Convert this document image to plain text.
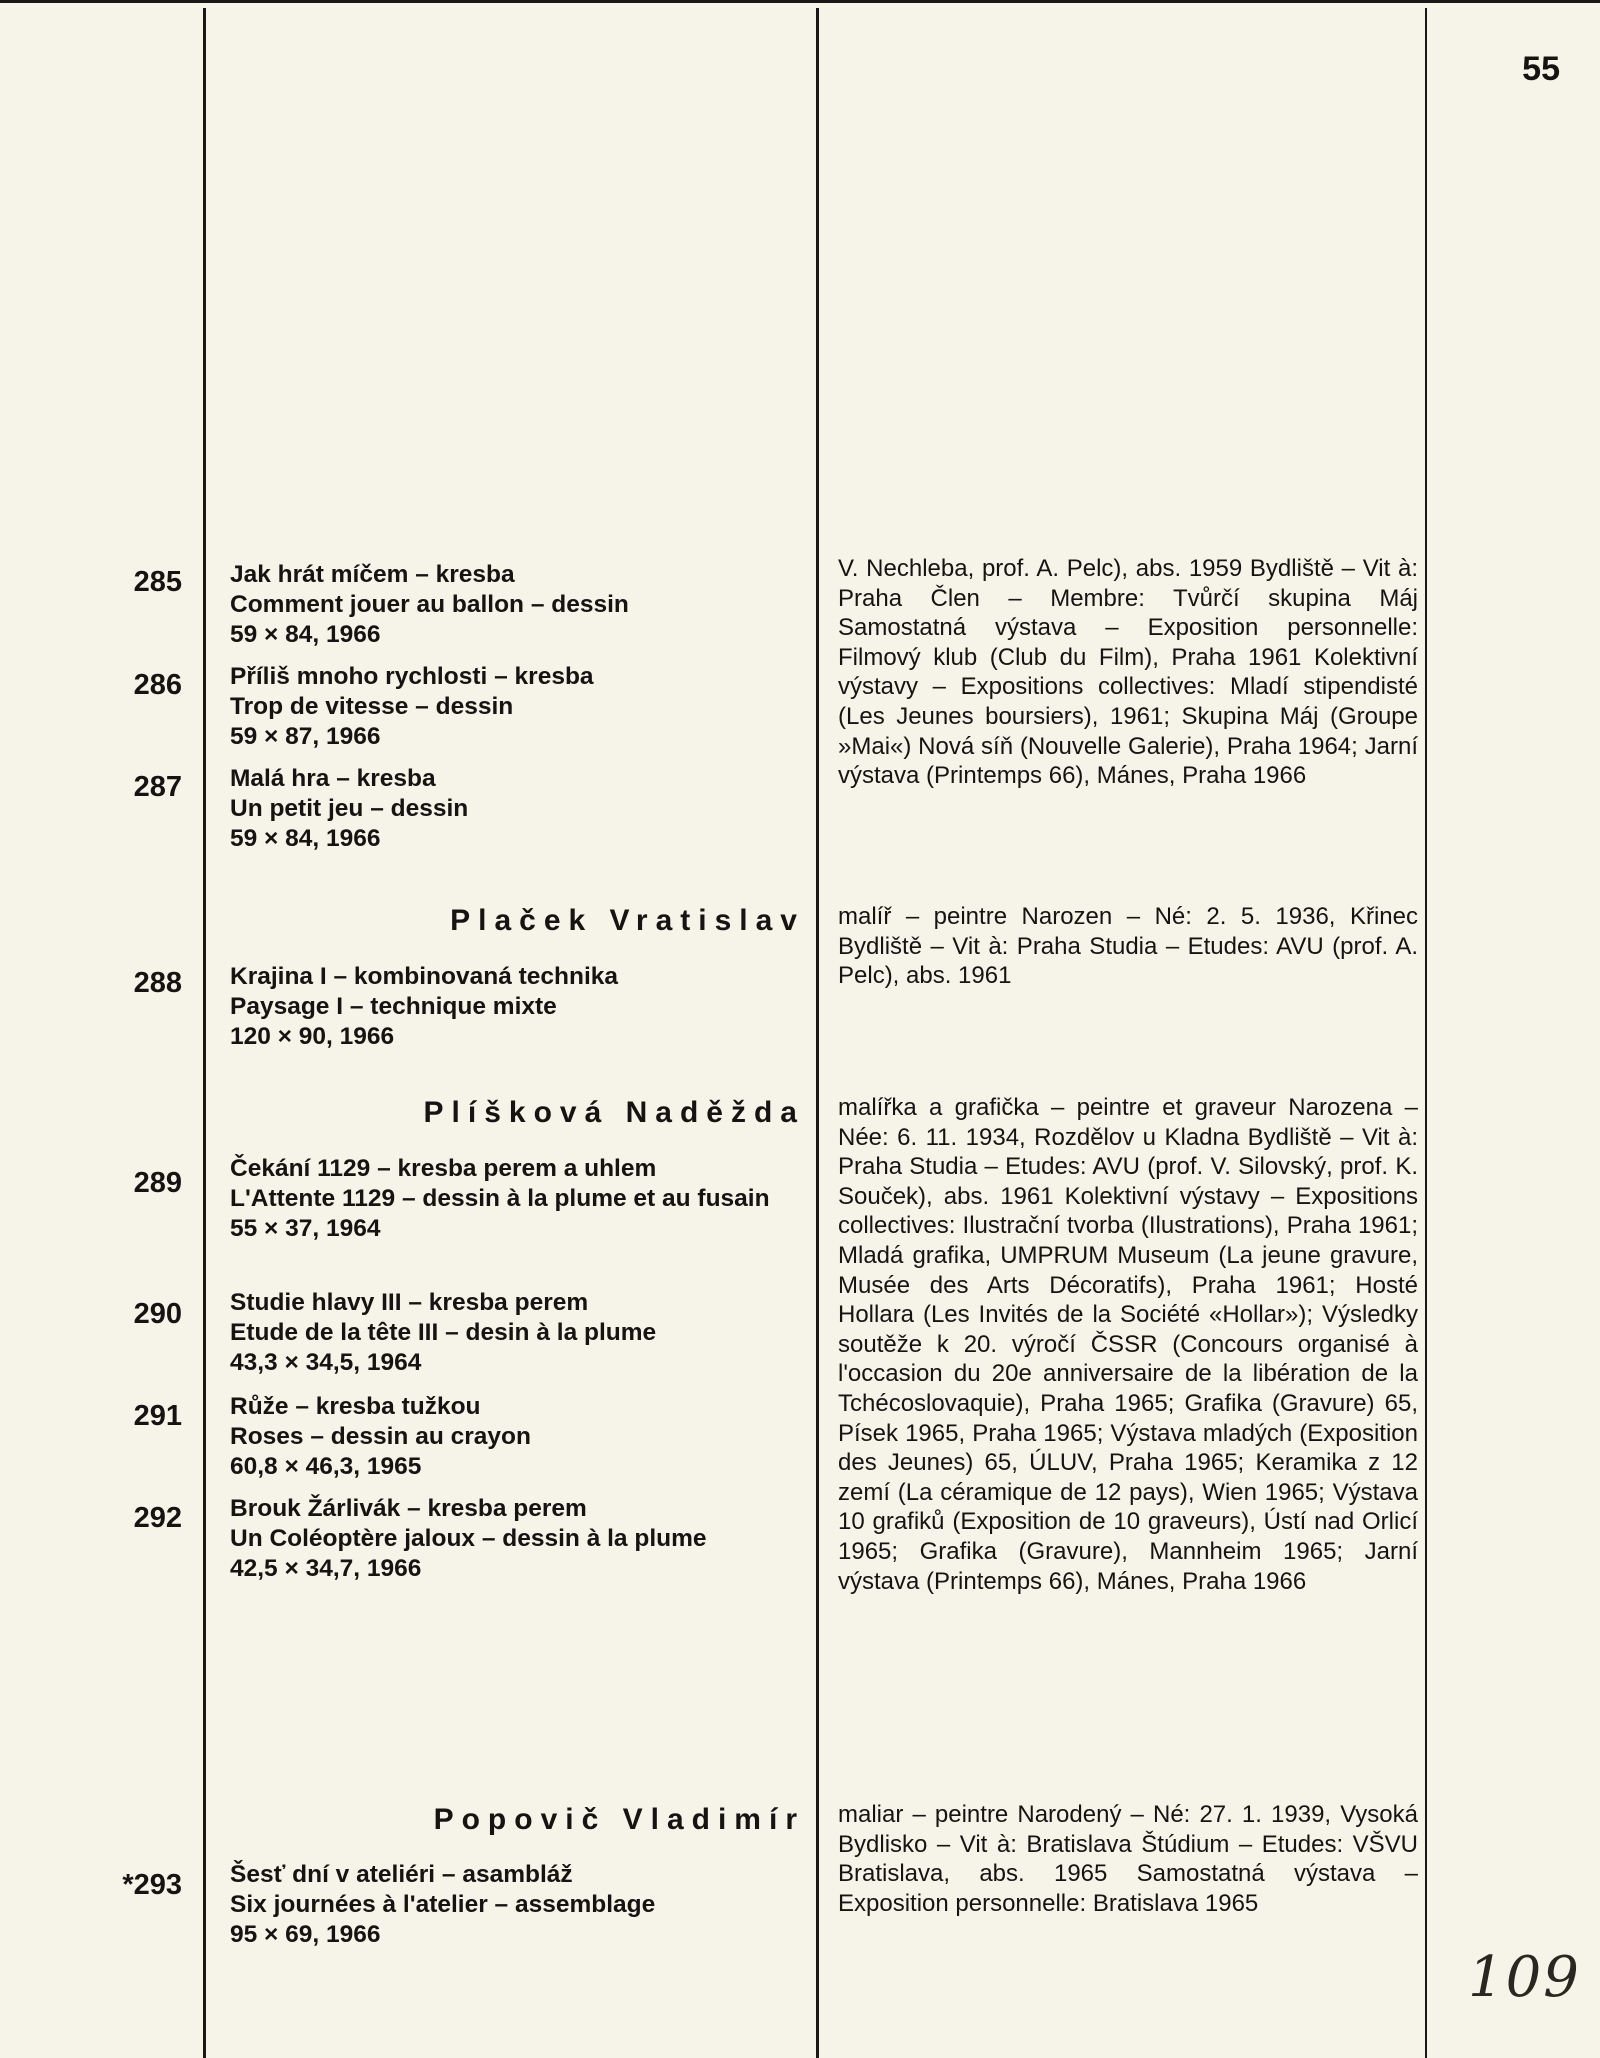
55
285
286
287
288
289
290
291
292
*293
Jak hrát míčem – kresba
Comment jouer au ballon – dessin
59 × 84, 1966
Příliš mnoho rychlosti – kresba
Trop de vitesse – dessin
59 × 87, 1966
Malá hra – kresba
Un petit jeu – dessin
59 × 84, 1966
Plaček Vratislav
Krajina I – kombinovaná technika
Paysage I – technique mixte
120 × 90, 1966
Plíšková Naděžda
Čekání 1129 – kresba perem a uhlem
L'Attente 1129 – dessin à la plume et au fusain
55 × 37, 1964
Studie hlavy III – kresba perem
Etude de la tête III – desin à la plume
43,3 × 34,5, 1964
Růže – kresba tužkou
Roses – dessin au crayon
60,8 × 46,3, 1965
Brouk Žárlivák – kresba perem
Un Coléoptère jaloux – dessin à la plume
42,5 × 34,7, 1966
Popovič Vladimír
Šesť dní v ateliéri – asambláž
Six journées à l'atelier – assemblage
95 × 69, 1966
V. Nechleba, prof. A. Pelc), abs. 1959 Bydliště – Vit à: Praha Člen – Membre: Tvůrčí skupina Máj Samostatná výstava – Exposition personnelle: Filmový klub (Club du Film), Praha 1961 Kolektivní výstavy – Expositions collectives: Mladí stipendisté (Les Jeunes boursiers), 1961; Skupina Máj (Groupe »Mai«) Nová síň (Nouvelle Galerie), Praha 1964; Jarní výstava (Printemps 66), Mánes, Praha 1966
malíř – peintre Narozen – Né: 2. 5. 1936, Křinec Bydliště – Vit à: Praha Studia – Etudes: AVU (prof. A. Pelc), abs. 1961
malířka a grafička – peintre et graveur Narozena – Née: 6. 11. 1934, Rozdělov u Kladna Bydliště – Vit à: Praha Studia – Etudes: AVU (prof. V. Silovský, prof. K. Souček), abs. 1961 Kolektivní výstavy – Expositions collectives: Ilustrační tvorba (Ilustrations), Praha 1961; Mladá grafika, UMPRUM Museum (La jeune gravure, Musée des Arts Décoratifs), Praha 1961; Hosté Hollara (Les Invités de la Société «Hollar»); Výsledky soutěže k 20. výročí ČSSR (Concours organisé à l'occasion du 20e anniversaire de la libération de la Tchécoslovaquie), Praha 1965; Grafika (Gravure) 65, Písek 1965, Praha 1965; Výstava mladých (Exposition des Jeunes) 65, ÚLUV, Praha 1965; Keramika z 12 zemí (La céramique de 12 pays), Wien 1965; Výstava 10 grafiků (Exposition de 10 graveurs), Ústí nad Orlicí 1965; Grafika (Gravure), Mannheim 1965; Jarní výstava (Printemps 66), Mánes, Praha 1966
maliar – peintre Narodený – Né: 27. 1. 1939, Vysoká Bydlisko – Vit à: Bratislava Štúdium – Etudes: VŠVU Bratislava, abs. 1965 Samostatná výstava – Exposition personnelle: Bratislava 1965
109
